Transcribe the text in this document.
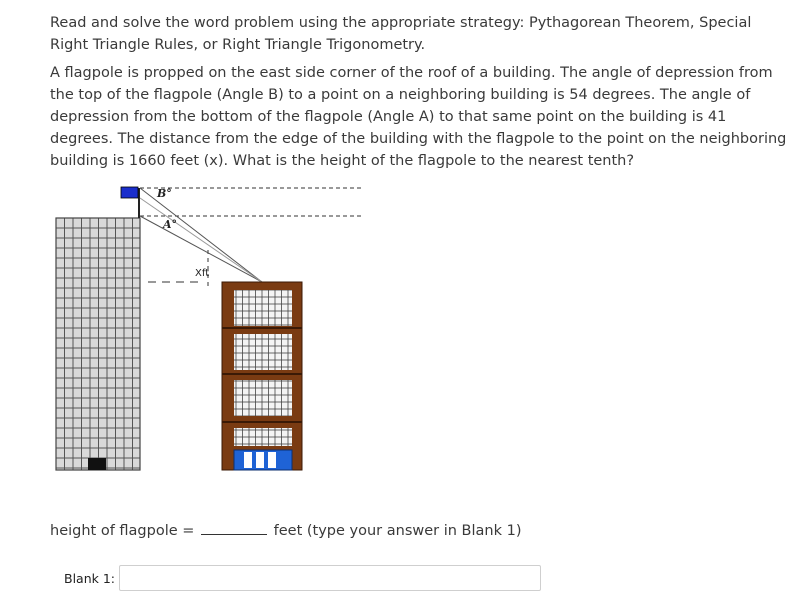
Read and solve the word problem using the appropriate strategy: Pythagorean Theorem, Special Right Triangle Rules, or Right Triangle Trigonometry.

A flagpole is propped on the east side corner of the roof of a building. The angle of depression from the top of the flagpole (Angle B) to a point on a neighboring building is 54 degrees. The angle of depression from the bottom of the flagpole (Angle A) to that same point on the building is 41 degrees. The distance from the edge of the building with the flagpole to the point on the neighboring building is 1660 feet (x). What is the height of the flagpole to the nearest tenth?

B°
A°
Xft
height of flagpole =	feet (type your answer in Blank 1)
Blank 1:
